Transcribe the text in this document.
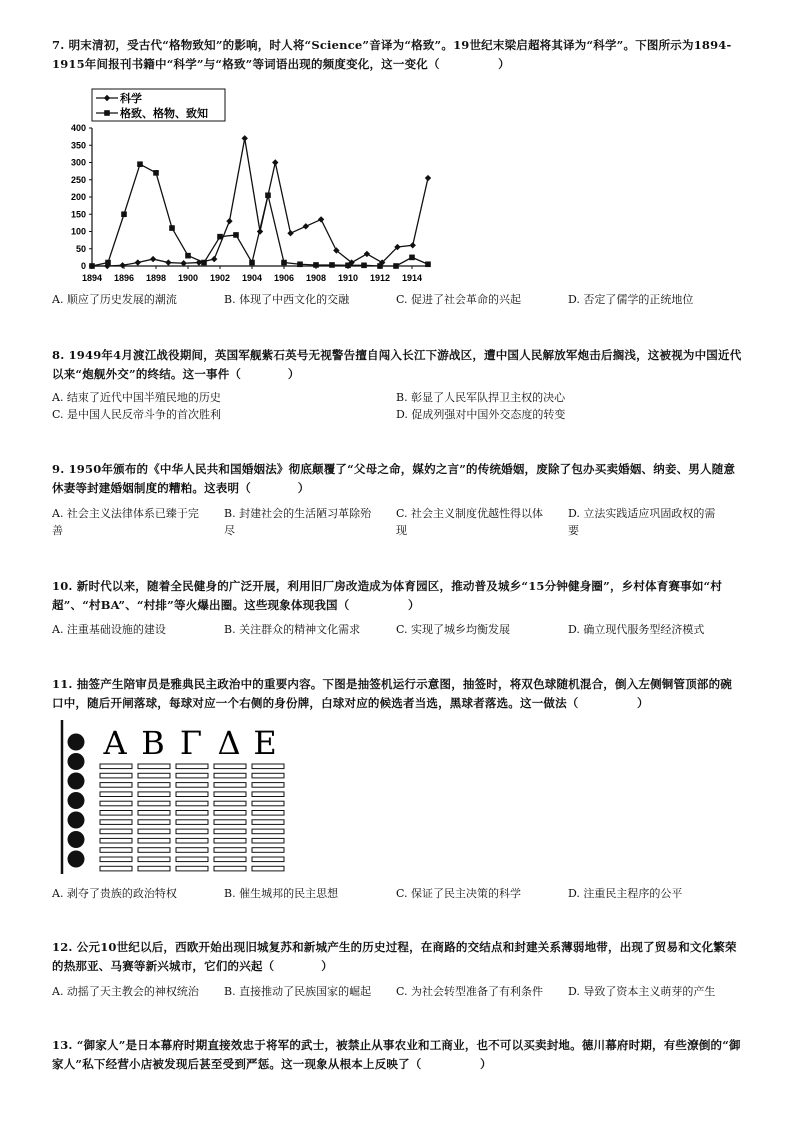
7. 明末清初，受古代“格物致知”的影响，时人将“Science”音译为“格致”。19世纪末梁启超将其译为“科学”。下图所示为1894-1915年间报刊书籍中“科学”与“格致”等词语出现的频度变化，这一变化（　　　　　）
0
50
100
150
200
250
300
350
400
1894 1896 1898 1900 1902 1904 1906 1908 1910 1912 1914
科学
格致、格物、致知
A. 顺应了历史发展的潮流	B. 体现了中西文化的交融	C. 促进了社会革命的兴起	D. 否定了儒学的正统地位
8. 1949年4月渡江战役期间，英国军舰紫石英号无视警告擅自闯入长江下游战区，遭中国人民解放军炮击后搁浅，这被视为中国近代以来“炮舰外交”的终结。这一事件（　　　　）
A. 结束了近代中国半殖民地的历史	B. 彰显了人民军队捍卫主权的决心
C. 是中国人民反帝斗争的首次胜利	D. 促成列强对中国外交态度的转变
9. 1950年颁布的《中华人民共和国婚姻法》彻底颠覆了“父母之命，媒妁之言”的传统婚姻，废除了包办买卖婚姻、纳妾、男人随意休妻等封建婚姻制度的糟粕。这表明（　　　　）
A. 社会主义法律体系已臻于完善
B. 封建社会的生活陋习革除殆尽
C. 社会主义制度优越性得以体现
D. 立法实践适应巩固政权的需要
10. 新时代以来，随着全民健身的广泛开展，利用旧厂房改造成为体育园区，推动普及城乡“15分钟健身圈”，乡村体育赛事如“村超”、“村BA”、“村排”等火爆出圈。这些现象体现我国（　　　　　）
A. 注重基础设施的建设	B. 关注群众的精神文化需求	C. 实现了城乡均衡发展	D. 确立现代服务型经济模式
11. 抽签产生陪审员是雅典民主政治中的重要内容。下图是抽签机运行示意图，抽签时，将双色球随机混合，倒入左侧铜管顶部的碗口中，随后开闸落球，每球对应一个右侧的身份牌，白球对应的候选者当选，黑球者落选。这一做法（　　　　　）
Α Β Γ Δ Ε
A. 剥夺了贵族的政治特权	B. 催生城邦的民主思想	C. 保证了民主决策的科学	D. 注重民主程序的公平
12. 公元10世纪以后，西欧开始出现旧城复苏和新城产生的历史过程，在商路的交结点和封建关系薄弱地带，出现了贸易和文化繁荣的热那亚、马赛等新兴城市，它们的兴起（　　　　）
A. 动摇了天主教会的神权统治 B. 直接推动了民族国家的崛起 C. 为社会转型准备了有利条件 D. 导致了资本主义萌芽的产生
13. “御家人”是日本幕府时期直接效忠于将军的武士，被禁止从事农业和工商业，也不可以买卖封地。德川幕府时期，有些潦倒的“御家人”私下经营小店被发现后甚至受到严惩。这一现象从根本上反映了（　　　　　）
